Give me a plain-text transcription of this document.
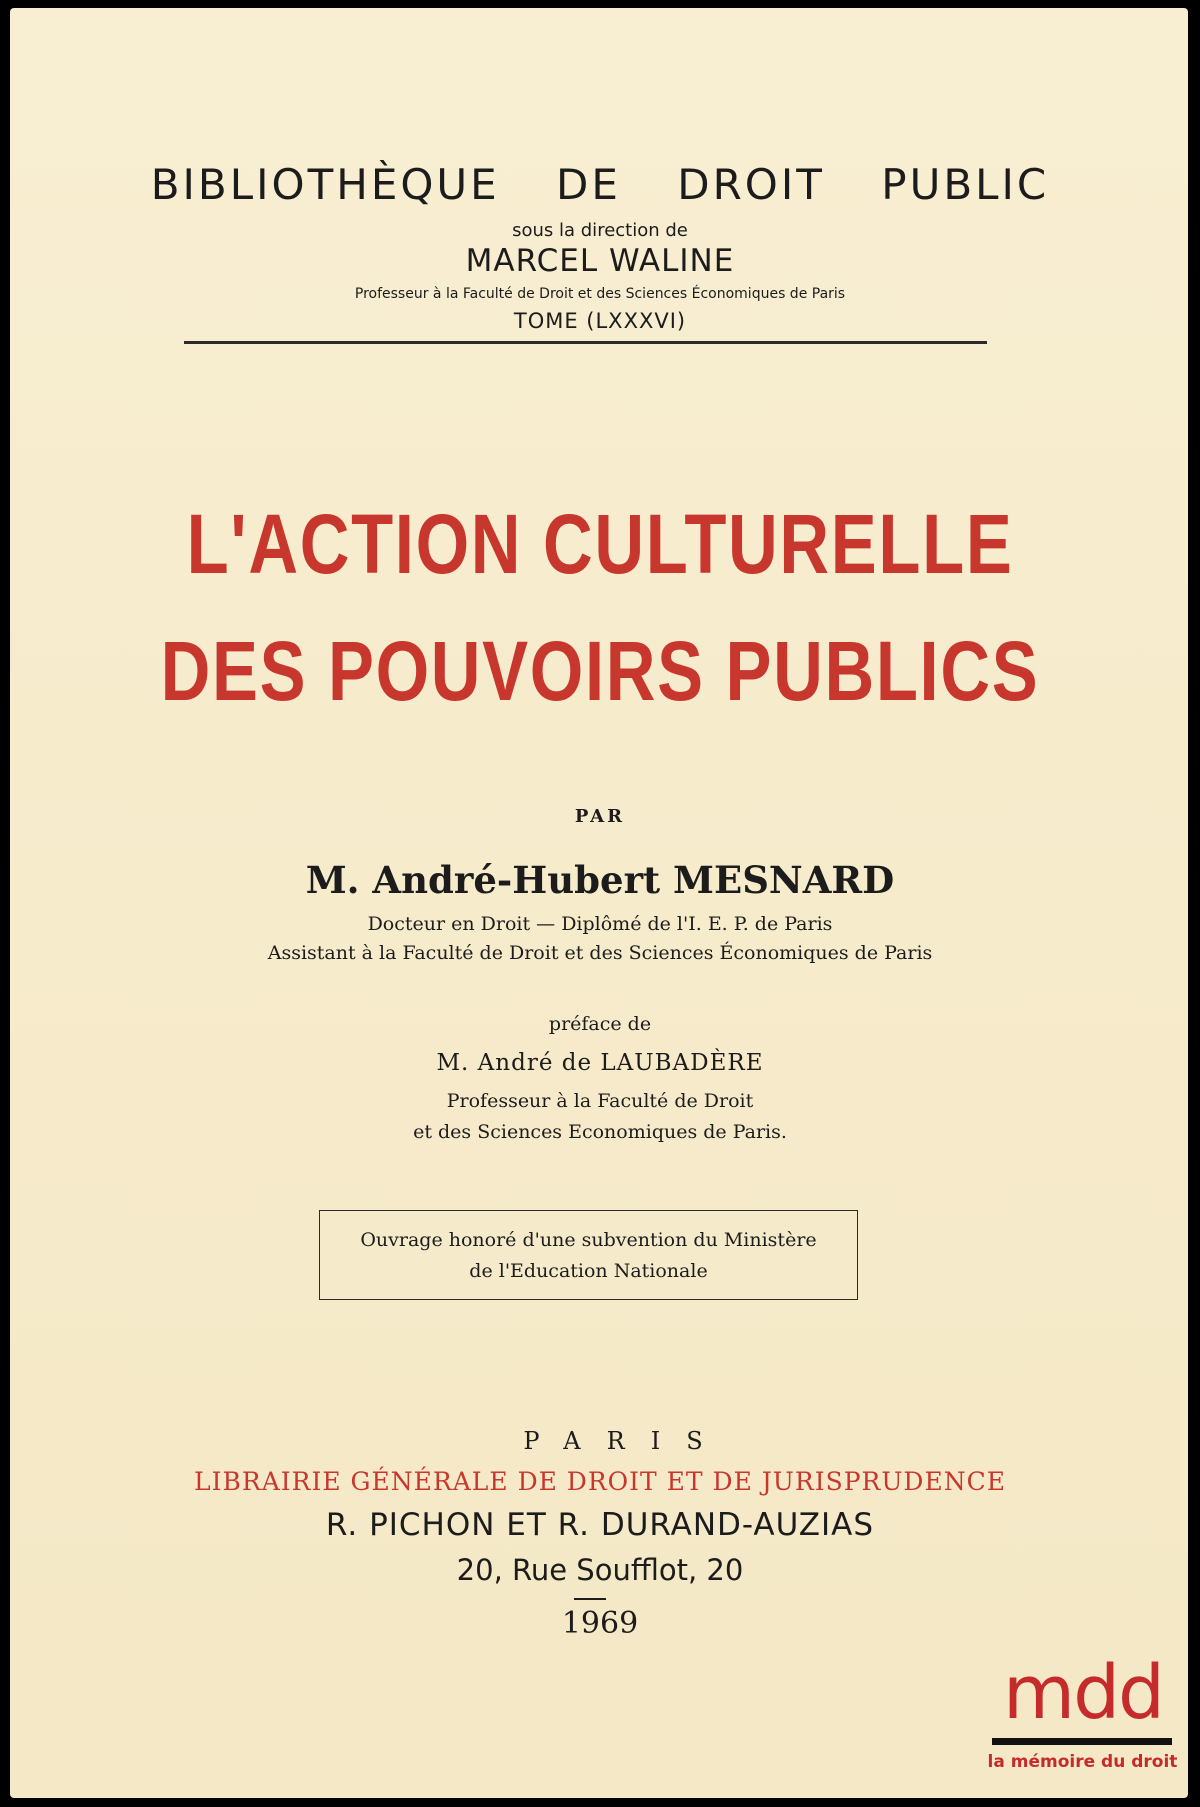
BIBLIOTHÈQUE DE DROIT PUBLIC
sous la direction de
MARCEL WALINE
Professeur à la Faculté de Droit et des Sciences Économiques de Paris
TOME (LXXXVI)
L'ACTION CULTURELLE
DES POUVOIRS PUBLICS
PAR
M. André-Hubert MESNARD
Docteur en Droit — Diplômé de l'I. E. P. de Paris
Assistant à la Faculté de Droit et des Sciences Économiques de Paris
préface de
M. André de LAUBADÈRE
Professeur à la Faculté de Droit
et des Sciences Economiques de Paris.
Ouvrage honoré d'une subvention du Ministère
de l'Education Nationale
PARIS
LIBRAIRIE GÉNÉRALE DE DROIT ET DE JURISPRUDENCE
R. PICHON ET R. DURAND-AUZIAS
20, Rue Soufflot, 20
1969
mdd
la mémoire du droit
